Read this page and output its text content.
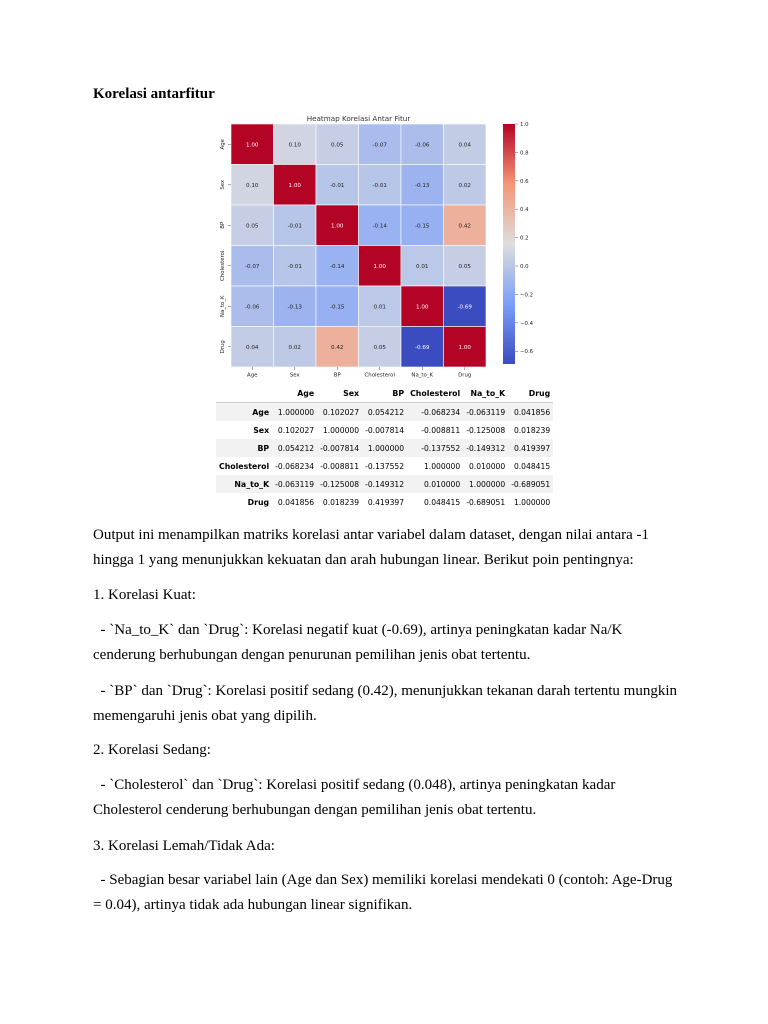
Korelasi antarfitur
Heatmap Korelasi Antar Fitur
1.00	0.10	0.05	-0.07	-0.06	0.04
0.10	1.00	-0.01	-0.01	-0.13	0.02
0.05	-0.01	1.00	-0.14	-0.15	0.42
-0.07	-0.01	-0.14	1.00	0.01	0.05
-0.06	-0.13	-0.15	0.01	1.00	-0.69
0.04	0.02	0.42	0.05	-0.69	1.00
Age
Sex
BP
Cholesterol
Na_to_K
Drug
Age	Sex	BP	Cholesterol	Na_to_K	Drug
1.0
0.8
0.6
0.4
0.2
0.0
−0.2
−0.4
−0.6
	Age	Sex	BP	Cholesterol	Na_to_K	Drug
Age	1.000000	0.102027	0.054212	-0.068234	-0.063119	0.041856
Sex	0.102027	1.000000	-0.007814	-0.008811	-0.125008	0.018239
BP	0.054212	-0.007814	1.000000	-0.137552	-0.149312	0.419397
Cholesterol	-0.068234	-0.008811	-0.137552	1.000000	0.010000	0.048415
Na_to_K	-0.063119	-0.125008	-0.149312	0.010000	1.000000	-0.689051
Drug	0.041856	0.018239	0.419397	0.048415	-0.689051	1.000000
Output ini menampilkan matriks korelasi antar variabel dalam dataset, dengan nilai antara -1 hingga 1 yang menunjukkan kekuatan dan arah hubungan linear. Berikut poin pentingnya:
1. Korelasi Kuat:
- `Na_to_K` dan `Drug`: Korelasi negatif kuat (-0.69), artinya peningkatan kadar Na/K cenderung berhubungan dengan penurunan pemilihan jenis obat tertentu.
- `BP` dan `Drug`: Korelasi positif sedang (0.42), menunjukkan tekanan darah tertentu mungkin memengaruhi jenis obat yang dipilih.
2. Korelasi Sedang:
- `Cholesterol` dan `Drug`: Korelasi positif sedang (0.048), artinya peningkatan kadar Cholesterol cenderung berhubungan dengan pemilihan jenis obat tertentu.
3. Korelasi Lemah/Tidak Ada:
- Sebagian besar variabel lain (Age dan Sex) memiliki korelasi mendekati 0 (contoh: Age-Drug = 0.04), artinya tidak ada hubungan linear signifikan.
